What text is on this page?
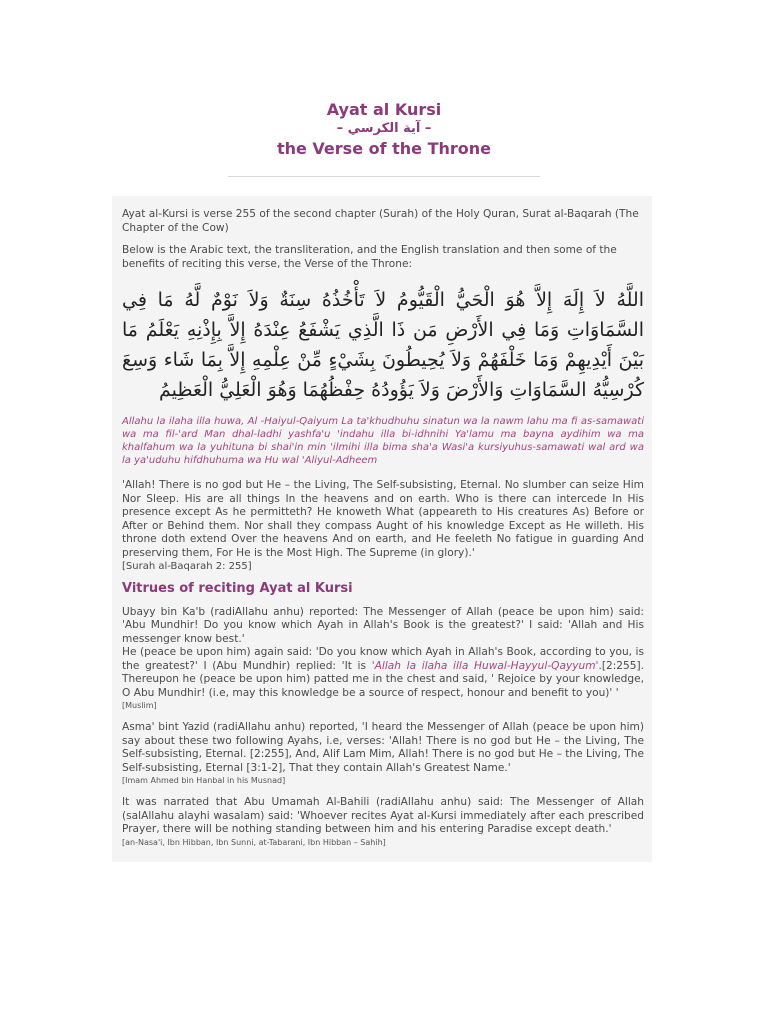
Ayat al Kursi
– آية الكرسي –
the Verse of the Throne

Ayat al-Kursi is verse 255 of the second chapter (Surah) of the Holy Quran, Surat al-Baqarah (The Chapter of the Cow)

Below is the Arabic text, the transliteration, and the English translation and then some of the benefits of reciting this verse, the Verse of the Throne:

اللَّهُ لاَ إِلَهَ إِلاَّ هُوَ الْحَيُّ الْقَيُّومُ لاَ تَأْخُذُهُ سِنَةٌ وَلاَ نَوْمٌ لَّهُ مَا فِي السَّمَاوَاتِ وَمَا فِي الأَرْضِ مَن ذَا الَّذِي يَشْفَعُ عِنْدَهُ إِلاَّ بِإِذْنِهِ يَعْلَمُ مَا بَيْنَ أَيْدِيهِمْ وَمَا خَلْفَهُمْ وَلاَ يُحِيطُونَ بِشَيْءٍ مِّنْ عِلْمِهِ إِلاَّ بِمَا شَاء وَسِعَ كُرْسِيُّهُ السَّمَاوَاتِ وَالأَرْضَ وَلاَ يَؤُودُهُ حِفْظُهُمَا وَهُوَ الْعَلِيُّ الْعَظِيمُ

Allahu la ilaha illa huwa, Al -Haiyul-Qaiyum La ta'khudhuhu sinatun wa la nawm lahu ma fi as-samawati wa ma fil-'ard Man dhal-ladhi yashfa'u 'indahu illa bi-idhnihi Ya'lamu ma bayna aydihim wa ma khalfahum wa la yuhituna bi shai'in min 'ilmihi illa bima sha'a Wasi'a kursiyuhus-samawati wal ard wa la ya'uduhu hifdhuhuma wa Hu wal 'Aliyul-Adheem

'Allah! There is no god but He – the Living, The Self-subsisting, Eternal. No slumber can seize Him Nor Sleep. His are all things In the heavens and on earth. Who is there can intercede In His presence except As he permitteth? He knoweth What (appeareth to His creatures As) Before or After or Behind them. Nor shall they compass Aught of his knowledge Except as He willeth. His throne doth extend Over the heavens And on earth, and He feeleth No fatigue in guarding And preserving them, For He is the Most High. The Supreme (in glory).'

[Surah al-Baqarah 2: 255]

Vitrues of reciting Ayat al Kursi

Ubayy bin Ka'b (radiAllahu anhu) reported: The Messenger of Allah (peace be upon him) said: 'Abu Mundhir! Do you know which Ayah in Allah's Book is the greatest?' I said: 'Allah and His messenger know best.'

He (peace be upon him) again said: 'Do you know which Ayah in Allah's Book, according to you, is the greatest?' I (Abu Mundhir) replied: 'It is 'Allah la ilaha illa Huwal-Hayyul-Qayyum'.[2:255]. Thereupon he (peace be upon him) patted me in the chest and said, ' Rejoice by your knowledge, O Abu Mundhir! (i.e, may this knowledge be a source of respect, honour and benefit to you)' '

[Muslim]

Asma' bint Yazid (radiAllahu anhu) reported, 'I heard the Messenger of Allah (peace be upon him) say about these two following Ayahs, i.e, verses: 'Allah! There is no god but He – the Living, The Self-subsisting, Eternal. [2:255], And, Alif Lam Mim, Allah! There is no god but He – the Living, The Self-subsisting, Eternal [3:1-2], That they contain Allah's Greatest Name.'

[Imam Ahmed bin Hanbal in his Musnad]

It was narrated that Abu Umamah Al-Bahili (radiAllahu anhu) said: The Messenger of Allah (salAllahu alayhi wasalam) said: 'Whoever recites Ayat al-Kursi immediately after each prescribed Prayer, there will be nothing standing between him and his entering Paradise except death.'

[an-Nasa'i, Ibn Hibban, Ibn Sunni, at-Tabarani, Ibn Hibban – Sahih]
